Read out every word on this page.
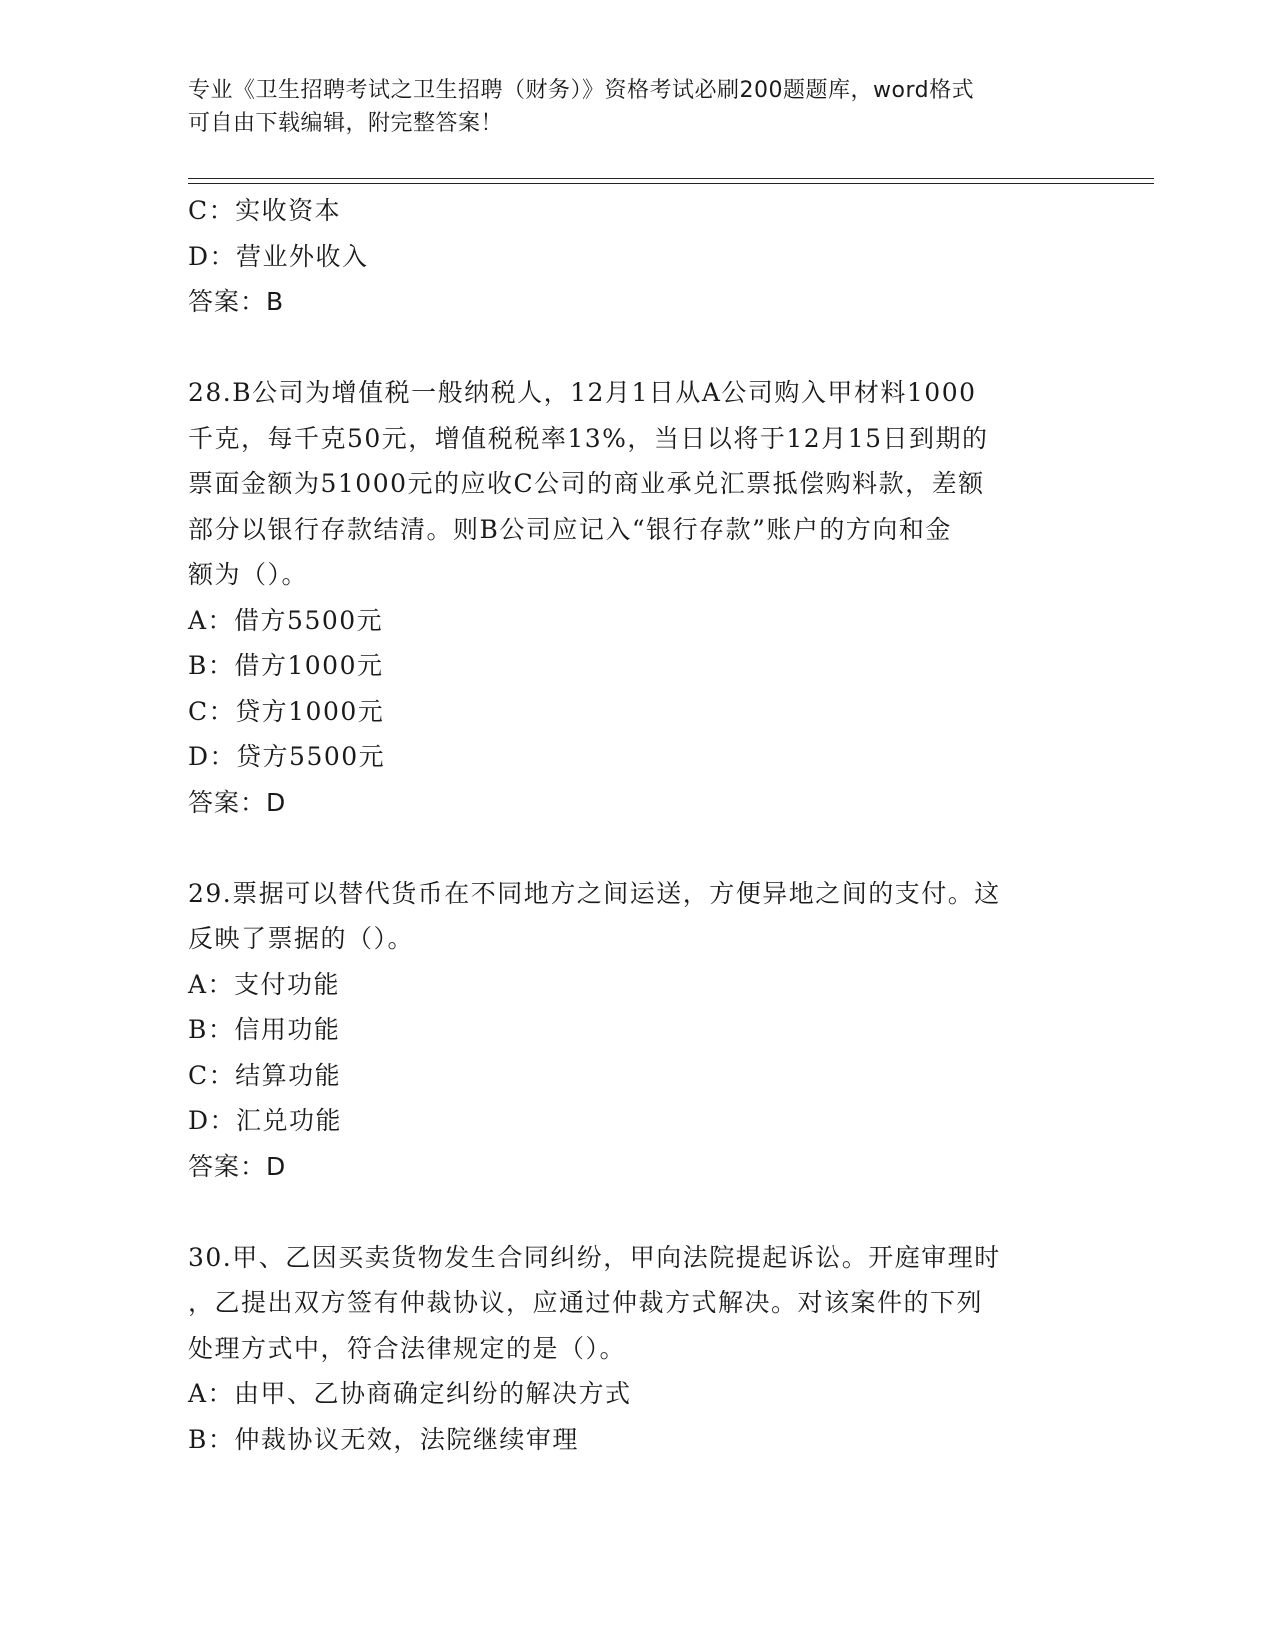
专业《卫生招聘考试之卫生招聘（财务）》资格考试必刷200题题库，word格式
可自由下载编辑，附完整答案！
C：实收资本
D：营业外收入
答案：B
28.B公司为增值税一般纳税人，12月1日从A公司购入甲材料1000
千克，每千克50元，增值税税率13%，当日以将于12月15日到期的
票面金额为51000元的应收C公司的商业承兑汇票抵偿购料款，差额
部分以银行存款结清。则B公司应记入“银行存款”账户的方向和金
额为（）。
A：借方5500元
B：借方1000元
C：贷方1000元
D：贷方5500元
答案：D
29.票据可以替代货币在不同地方之间运送，方便异地之间的支付。这
反映了票据的（）。
A：支付功能
B：信用功能
C：结算功能
D：汇兑功能
答案：D
30.甲、乙因买卖货物发生合同纠纷，甲向法院提起诉讼。开庭审理时
，乙提出双方签有仲裁协议，应通过仲裁方式解决。对该案件的下列
处理方式中，符合法律规定的是（）。
A：由甲、乙协商确定纠纷的解决方式
B：仲裁协议无效，法院继续审理
